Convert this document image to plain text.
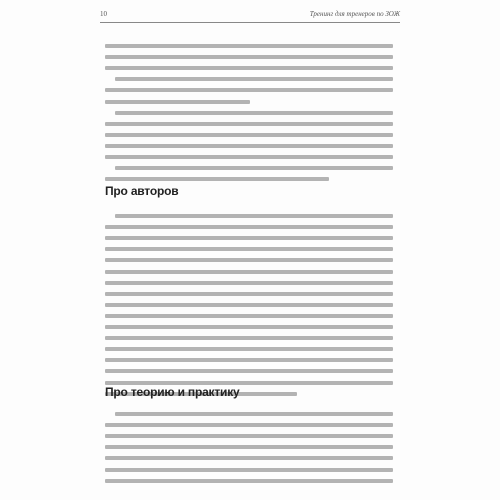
10	Тренинг для тренеров по ЗОЖ
Про авторов
Про теорию и практику
